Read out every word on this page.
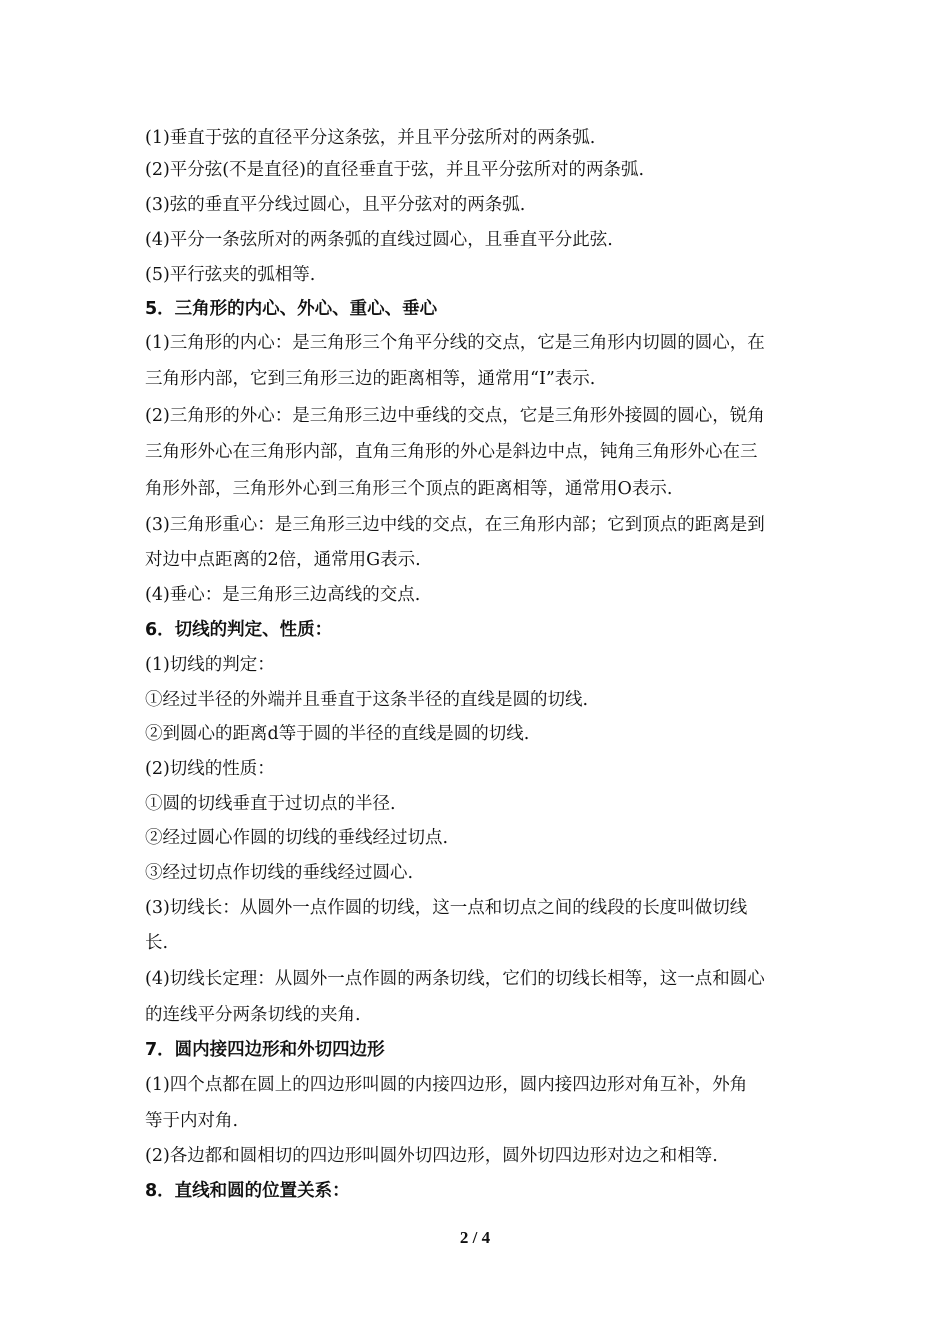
(1)垂直于弦的直径平分这条弦，并且平分弦所对的两条弧.
(2)平分弦(不是直径)的直径垂直于弦，并且平分弦所对的两条弧.
(3)弦的垂直平分线过圆心，且平分弦对的两条弧.
(4)平分一条弦所对的两条弧的直线过圆心，且垂直平分此弦.
(5)平行弦夹的弧相等.
5．三角形的内心、外心、重心、垂心
(1)三角形的内心：是三角形三个角平分线的交点，它是三角形内切圆的圆心，在
三角形内部，它到三角形三边的距离相等，通常用“I”表示.
(2)三角形的外心：是三角形三边中垂线的交点，它是三角形外接圆的圆心，锐角
三角形外心在三角形内部，直角三角形的外心是斜边中点，钝角三角形外心在三
角形外部，三角形外心到三角形三个顶点的距离相等，通常用O表示.
(3)三角形重心：是三角形三边中线的交点，在三角形内部；它到顶点的距离是到
对边中点距离的2倍，通常用G表示.
(4)垂心：是三角形三边高线的交点.
6．切线的判定、性质：
(1)切线的判定：
①经过半径的外端并且垂直于这条半径的直线是圆的切线.
②到圆心的距离d等于圆的半径的直线是圆的切线.
(2)切线的性质：
①圆的切线垂直于过切点的半径.
②经过圆心作圆的切线的垂线经过切点.
③经过切点作切线的垂线经过圆心.
(3)切线长：从圆外一点作圆的切线，这一点和切点之间的线段的长度叫做切线
长.
(4)切线长定理：从圆外一点作圆的两条切线，它们的切线长相等，这一点和圆心
的连线平分两条切线的夹角.
7．圆内接四边形和外切四边形
(1)四个点都在圆上的四边形叫圆的内接四边形，圆内接四边形对角互补，外角
等于内对角.
(2)各边都和圆相切的四边形叫圆外切四边形，圆外切四边形对边之和相等.
8．直线和圆的位置关系：
2 / 4
